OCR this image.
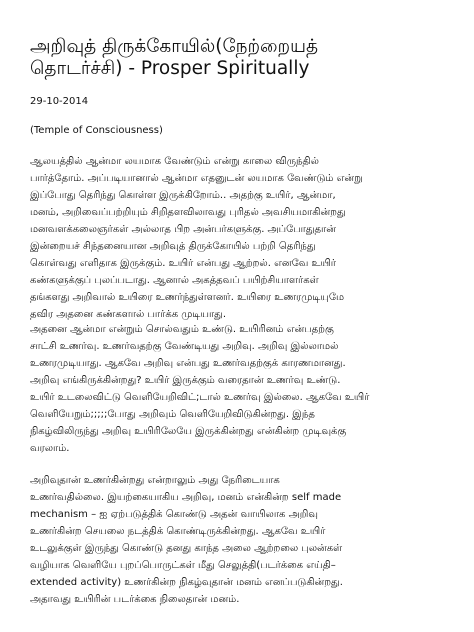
அறிவுத் திருக்கோயில்(நேற்றையத்
தொடர்ச்சி) - Prosper Spiritually

29-10-2014

(Temple of Consciousness)

ஆலயத்தில் ஆன்மா லயமாக வேண்டும் என்று காலை விருந்தில்
பார்த்தோம். அப்படியானால் ஆன்மா எதனுடன் லயமாக வேண்டும் என்று
இப்போது தெரிந்து கொள்ள இருக்கிறோம்.. அதற்கு உயிர், ஆன்மா,
மனம், அறிவைப்பற்றியும் சிறிதளவிலாவது புரிதல் அவசியமாகின்றது
மனவளக்கலைஞர்கள் அல்லாத பிற அன்பர்களுக்கு. அப்போதுதான்
இன்றையச் சிந்தனையான அறிவுத் திருக்கோயில் பற்றி தெரிந்து
கொள்வது எளிதாக இருக்கும். உயிர் என்பது ஆற்றல். எனவே உயிர்
கண்களுக்குப் புலப்படாது. ஆனால் அகத்தவப் பயிற்சியாளர்கள்
தங்களது அறிவால் உயிரை உணர்ந்துள்ளனர். உயிரை உணரமுடியுமே
தவிர அதனை கண்களால் பார்க்க முடியாது.
அதனை ஆன்மா என்றும் சொல்வதும் உண்டு. உயிரினம் என்பதற்கு
சாட்சி உணர்வு. உணர்வதற்கு வேண்டியது அறிவு. அறிவு இல்லாமல்
உணரமுடியாது. ஆகவே அறிவு என்பது உணர்வதற்குக் காரணமானது.
அறிவு எங்கிருக்கின்றது? உயிர் இருக்கும் வரைதான் உணர்வு உண்டு.
உயிர் உடலைவிட்டு வெளியேறிவிட்;டால் உணர்வு இல்லை. ஆகவே உயிர்
வெளியேறும்;;;;;போது அறிவும் வெளியேறிவிடுகின்றது. இந்த
நிகழ்விலிருந்து அறிவு உயிரிலேயே இருக்கின்றது என்கின்ற முடிவுக்கு
வரலாம்.
அறிவுதான் உணர்கின்றது என்றாலும் அது நேரிடையாக
உணர்வதில்லை. இயற்கையாகிய அறிவு, மனம் என்கின்ற self made
mechanism – ஐ ஏற்படுத்திக் கொண்டு அதன் வாயிலாக அறிவு
உணர்கின்ற செயலை நடத்திக் கொண்டிருக்கின்றது. ஆகவே உயிர்
உடலுக்குள் இருந்து கொண்டு தனது காந்த அலை ஆற்றலை புலன்கள்
வழியாக வெளியே புறப்பொருட்கள் மீது செலுத்தி(படர்க்கை எய்தி–
extended activity) உணர்கின்ற நிகழ்வுதான் மனம் எனப்படுகின்றது.
அதாவது உயிரின் படர்க்கை நிலைதான் மனம்.
